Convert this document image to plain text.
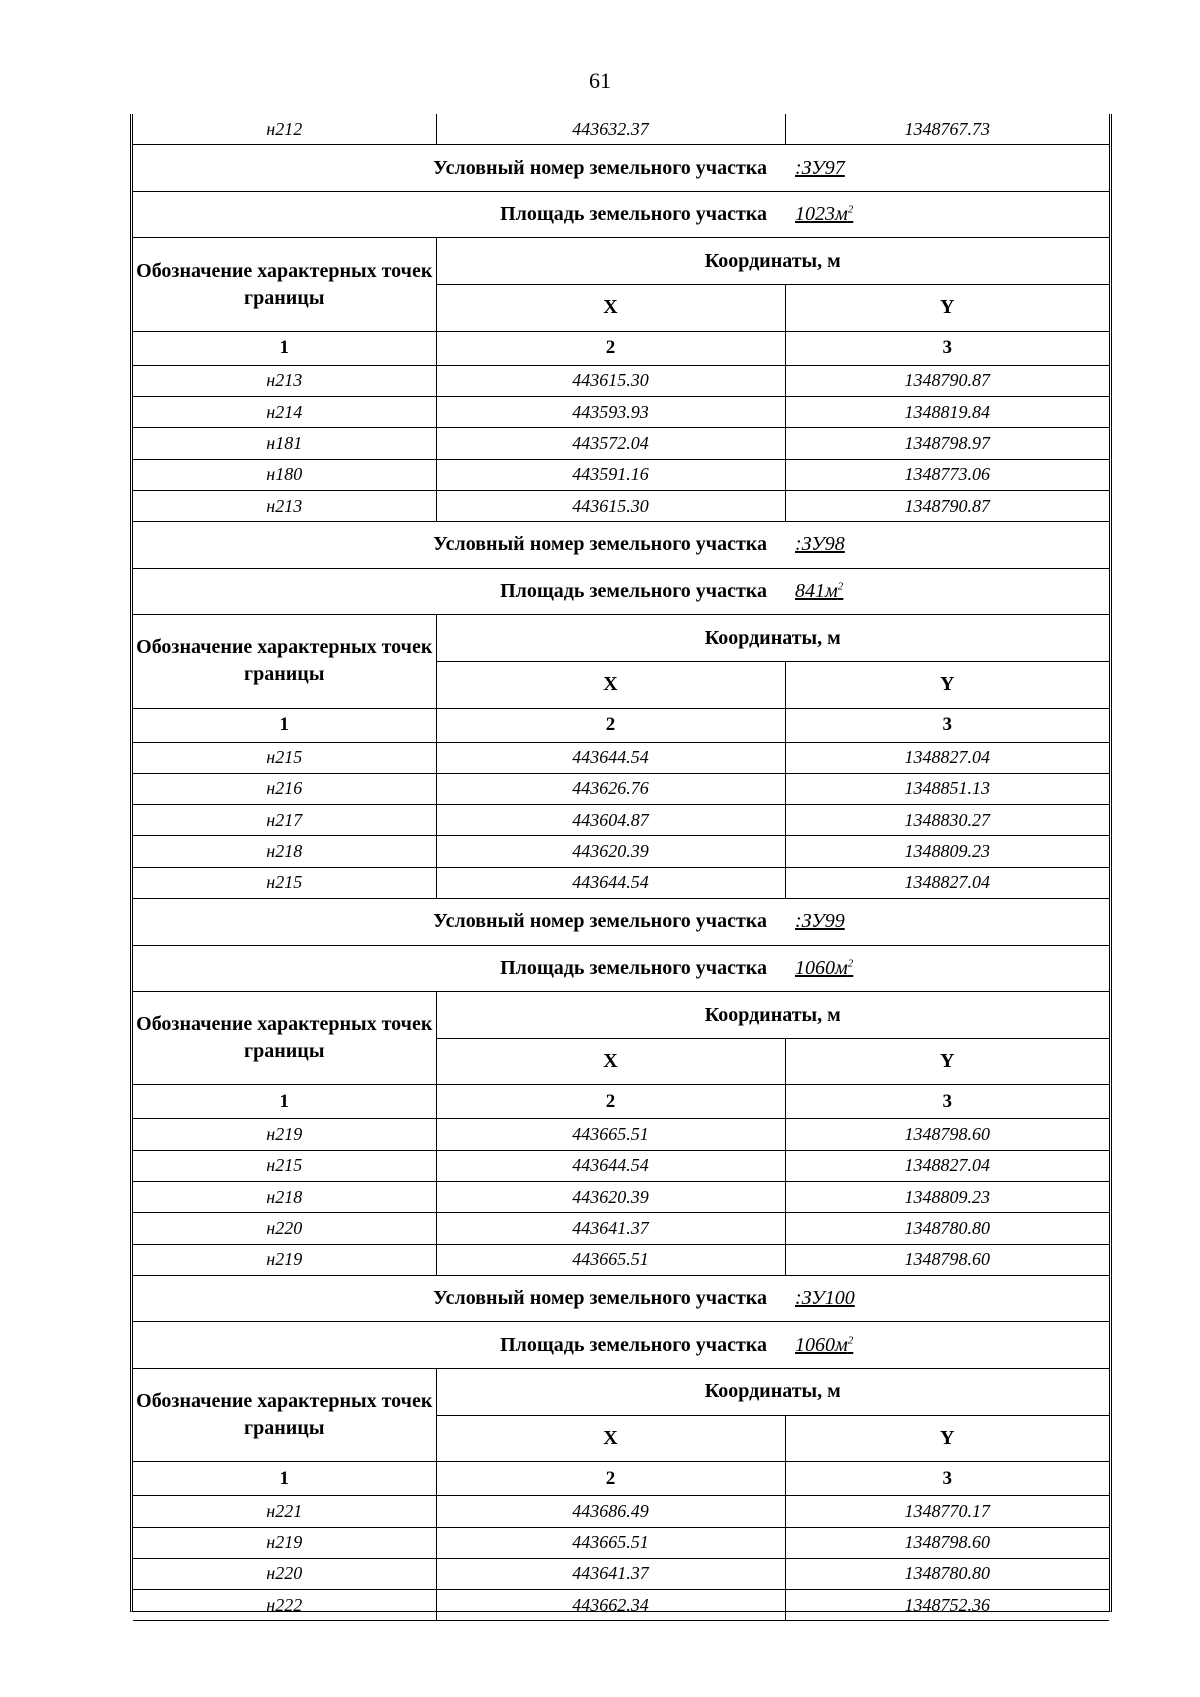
61
н212	443632.37	1348767.73
Условный номер земельного участка		:ЗУ97
Площадь земельного участка		$1023м^2$
Обозначение характерных точек границы	Координаты, м	
	X	Y
1	2	3
н213	443615.30	1348790.87
н214	443593.93	1348819.84
н181	443572.04	1348798.97
н180	443591.16	1348773.06
н213	443615.30	1348790.87
Условный номер земельного участка		:ЗУ98
Площадь земельного участка		$841м^2$
Обозначение характерных точек границы	Координаты, м	
	X	Y
1	2	3
н215	443644.54	1348827.04
н216	443626.76	1348851.13
н217	443604.87	1348830.27
н218	443620.39	1348809.23
н215	443644.54	1348827.04
Условный номер земельного участка		:ЗУ99
Площадь земельного участка		$1060м^2$
Обозначение характерных точек границы	Координаты, м	
	X	Y
1	2	3
н219	443665.51	1348798.60
н215	443644.54	1348827.04
н218	443620.39	1348809.23
н220	443641.37	1348780.80
н219	443665.51	1348798.60
Условный номер земельного участка		:ЗУ100
Площадь земельного участка		$1060м^2$
Обозначение характерных точек границы	Координаты, м	
	X	Y
1	2	3
н221	443686.49	1348770.17
н219	443665.51	1348798.60
н220	443641.37	1348780.80
н222	443662.34	1348752.36
